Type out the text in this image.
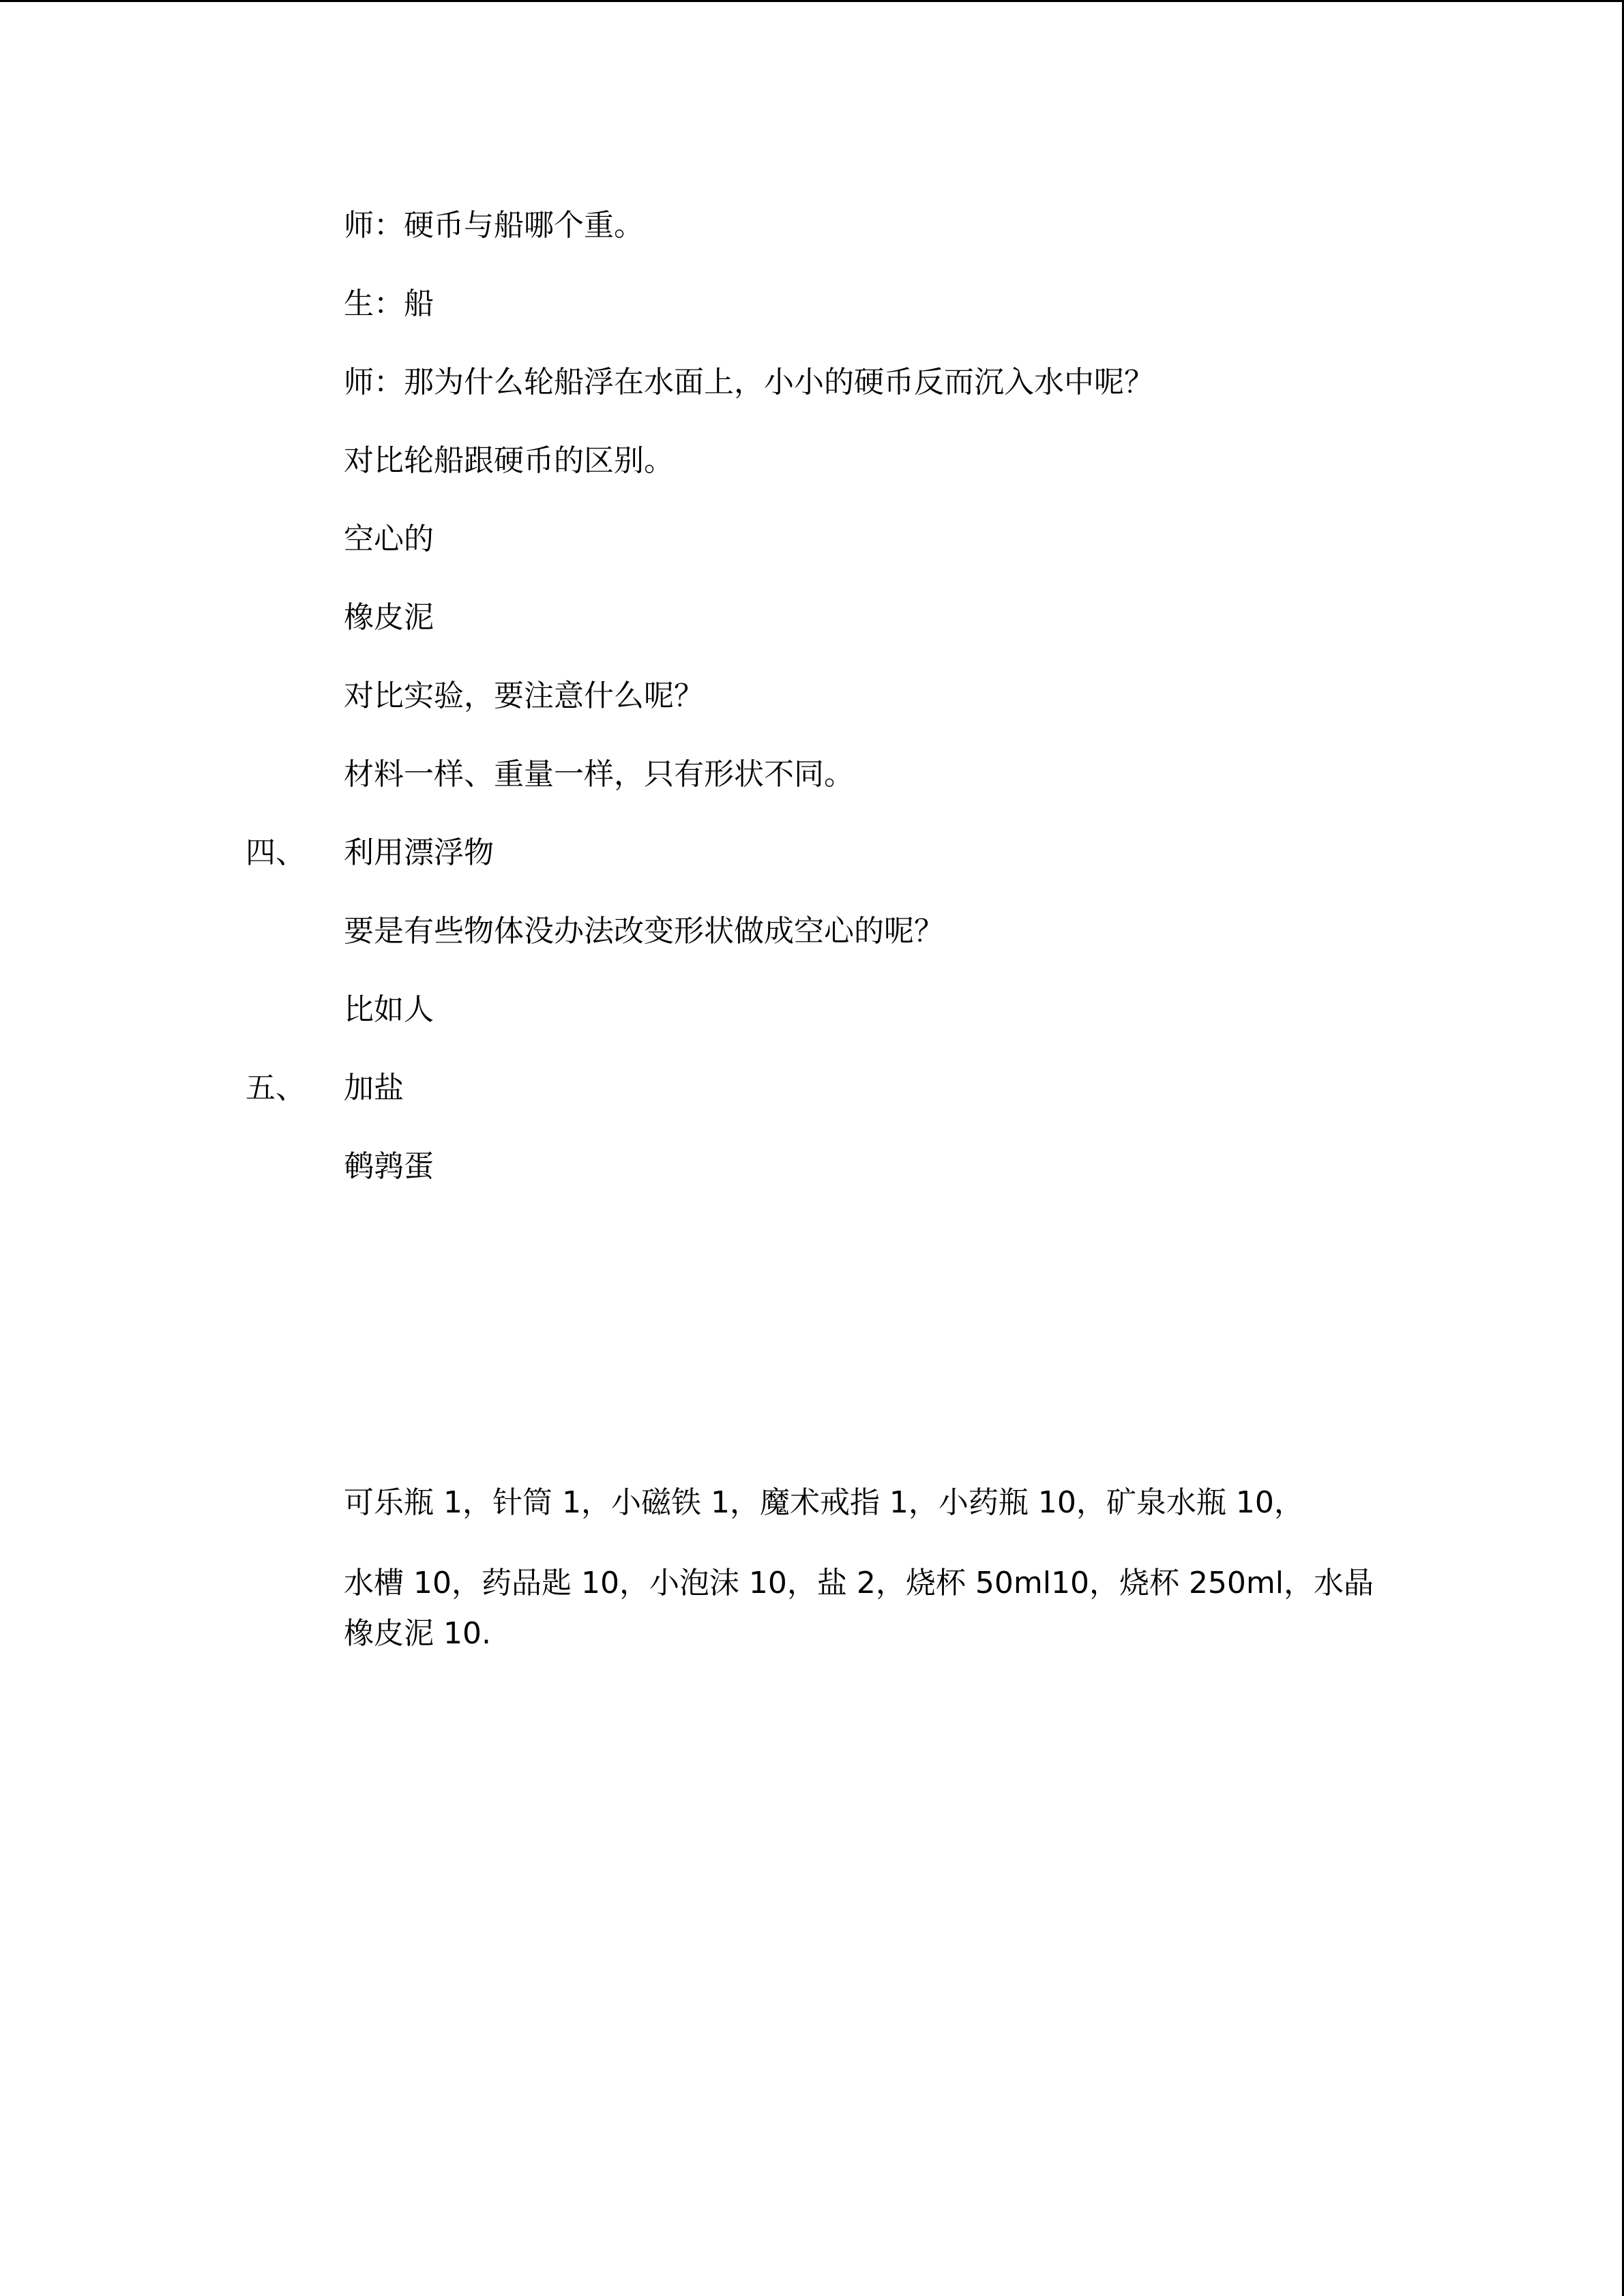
师：硬币与船哪个重。
生：船
师：那为什么轮船浮在水面上，小小的硬币反而沉入水中呢？
对比轮船跟硬币的区别。
空心的
橡皮泥
对比实验，要注意什么呢？
材料一样、重量一样，只有形状不同。
四、 利用漂浮物
要是有些物体没办法改变形状做成空心的呢？
比如人
五、 加盐
鹌鹑蛋
可乐瓶 1，针筒 1，小磁铁 1，魔术戒指 1，小药瓶 10，矿泉水瓶 10，
水槽 10，药品匙 10，小泡沫 10，盐 2，烧杯 50ml10，烧杯 250ml，水晶橡皮泥 10.
